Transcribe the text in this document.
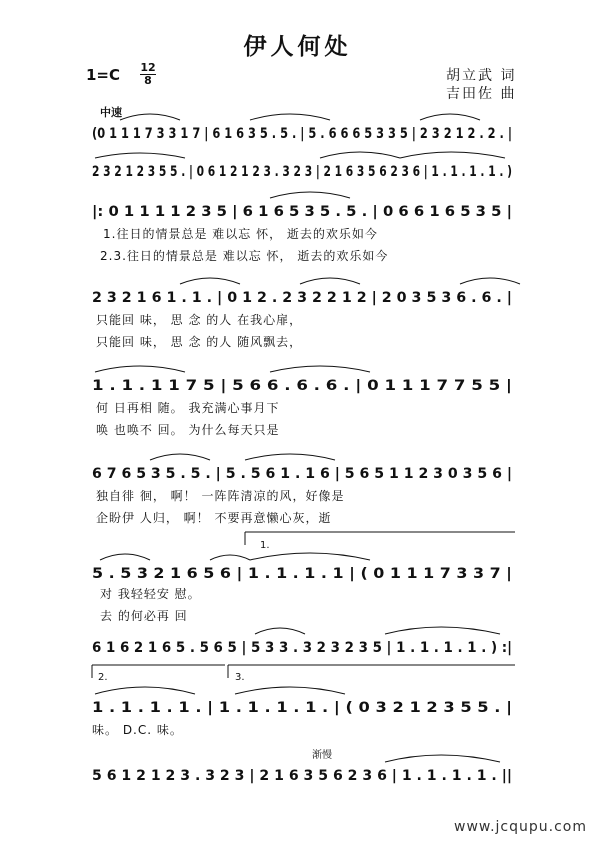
伊人何处
1=C 12
8	胡立武 词
吉田佐 曲
中速
(0 1 1 1 7 3 3 1 7 | 6 1 6 3 5 . 5 . | 5 . 6 6 6 5 3 3 5 | 2 3 2 1 2 . 2 . |
2 3 2 1 2 3 5 5 . | 0 6 1 2 1 2 3 . 3 2 3 | 2 1 6 3 5 6 2 3 6 | 1 . 1 . 1 . 1 . )
|: 0 1 1 1 1 2 3 5 | 6 1 6 5 3 5 . 5 . | 0 6 6 1 6 5 3 5 |
1.往日的情景总是 难以忘 怀， 逝去的欢乐如今
2.3.往日的情景总是 难以忘 怀， 逝去的欢乐如今
2 3 2 1 6 1 . 1 . | 0 1 2 . 2 3 2 2 1 2 | 2 0 3 5 3 6 . 6 . |
只能回 味， 思 念 的人 在我心扉，
只能回 味， 思 念 的人 随风飘去，
1 . 1 . 1 1 7 5 | 5 6 6 . 6 . 6 . | 0 1 1 1 7 7 5 5 |
何 日再相 随。 我充满心事月下
唤 也唤不 回。 为什么每天只是
6 7 6 5 3 5 . 5 . | 5 . 5 6 1 . 1 6 | 5 6 5 1 1 2 3 0 3 5 6 |
独自徘 徊， 啊！ 一阵阵清凉的风，好像是
企盼伊 人归， 啊！ 不要再意懒心灰，逝
1.
5 . 5 3 2 1 6 5 6 | 1 . 1 . 1 . 1 | ( 0 1 1 1 7 3 3 7 |
对 我轻轻安 慰。
去 的何必再 回
6 1 6 2 1 6 5 . 5 6 5 | 5 3 3 . 3 2 3 2 3 5 | 1 . 1 . 1 . 1 . ) :|
2.	3.
1 . 1 . 1 . 1 . | 1 . 1 . 1 . 1 . | ( 0 3 2 1 2 3 5 5 . |
味。 D.C. 味。
渐慢
5 6 1 2 1 2 3 . 3 2 3 | 2 1 6 3 5 6 2 3 6 | 1 . 1 . 1 . 1 . ||
www.jcqupu.com
